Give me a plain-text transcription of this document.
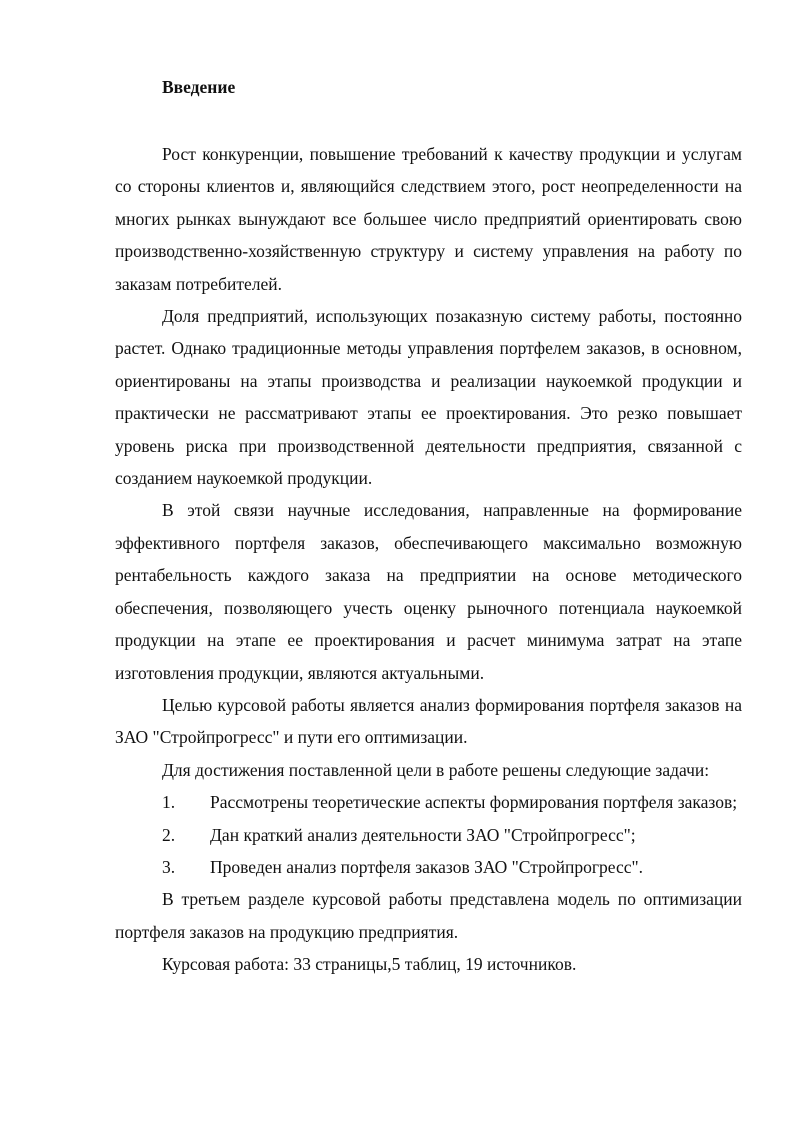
Введение

Рост конкуренции, повышение требований к качеству продукции и услугам со стороны клиентов и, являющийся следствием этого, рост неопределенности на многих рынках вынуждают все большее число предприятий ориентировать свою производственно-хозяйственную структуру и систему управления на работу по заказам потребителей.

Доля предприятий, использующих позаказную систему работы, постоянно растет. Однако традиционные методы управления портфелем заказов, в основном, ориентированы на этапы производства и реализации наукоемкой продукции и практически не рассматривают этапы ее проектирования. Это резко повышает уровень риска при производственной деятельности предприятия, связанной с созданием наукоемкой продукции.

В этой связи научные исследования, направленные на формирование эффективного портфеля заказов, обеспечивающего максимально возможную рентабельность каждого заказа на предприятии на основе методического обеспечения, позволяющего учесть оценку рыночного потенциала наукоемкой продукции на этапе ее проектирования и расчет минимума затрат на этапе изготовления продукции, являются актуальными.

Целью курсовой работы является анализ формирования портфеля заказов на ЗАО "Стройпрогресс" и пути его оптимизации.

Для достижения поставленной цели в работе решены следующие задачи:

1. Рассмотрены теоретические аспекты формирования портфеля заказов;

2. Дан краткий анализ деятельности ЗАО "Стройпрогресс";

3. Проведен анализ портфеля заказов ЗАО "Стройпрогресс".

В третьем разделе курсовой работы представлена модель по оптимизации портфеля заказов на продукцию предприятия.

Курсовая работа: 33 страницы,5 таблиц, 19 источников.
